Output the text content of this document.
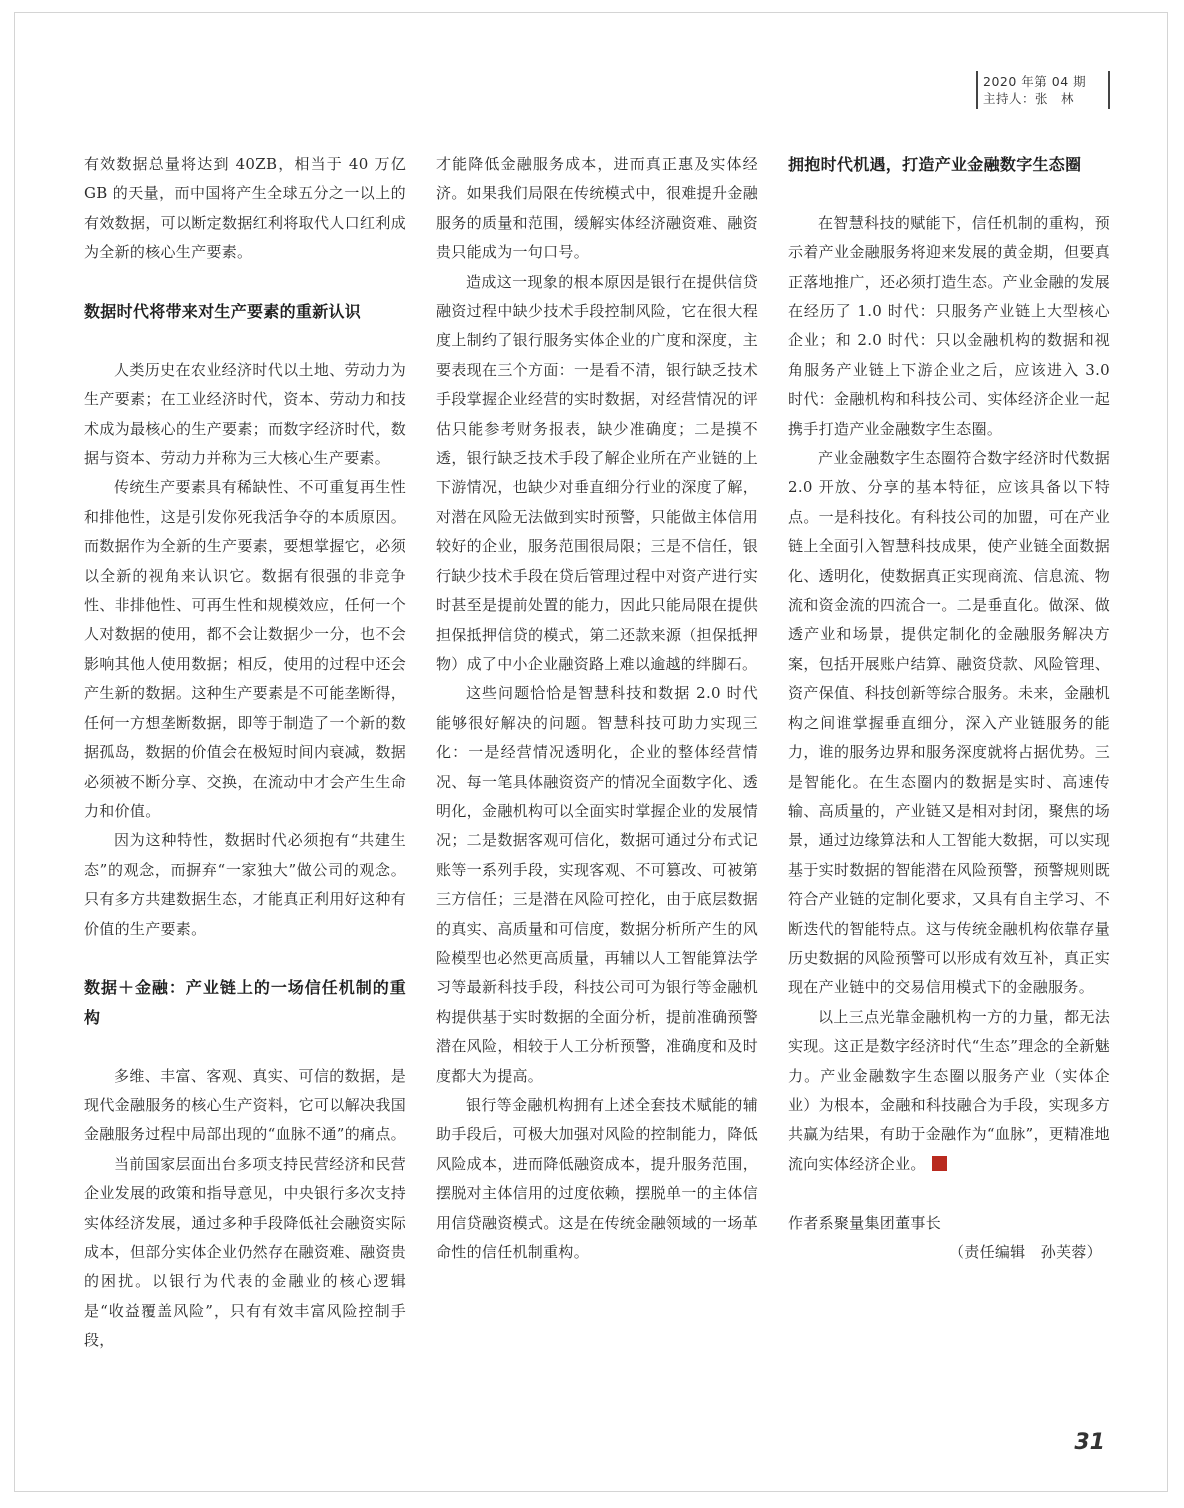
2020 年第 04 期
主持人：张　林

有效数据总量将达到 40ZB，相当于 40 万亿 GB 的天量，而中国将产生全球五分之一以上的有效数据，可以断定数据红利将取代人口红利成为全新的核心生产要素。

数据时代将带来对生产要素的重新认识

人类历史在农业经济时代以土地、劳动力为生产要素；在工业经济时代，资本、劳动力和技术成为最核心的生产要素；而数字经济时代，数据与资本、劳动力并称为三大核心生产要素。

传统生产要素具有稀缺性、不可重复再生性和排他性，这是引发你死我活争夺的本质原因。而数据作为全新的生产要素，要想掌握它，必须以全新的视角来认识它。数据有很强的非竞争性、非排他性、可再生性和规模效应，任何一个人对数据的使用，都不会让数据少一分，也不会影响其他人使用数据；相反，使用的过程中还会产生新的数据。这种生产要素是不可能垄断得，任何一方想垄断数据，即等于制造了一个新的数据孤岛，数据的价值会在极短时间内衰减，数据必须被不断分享、交换，在流动中才会产生生命力和价值。

因为这种特性，数据时代必须抱有“共建生态”的观念，而摒弃“一家独大”做公司的观念。只有多方共建数据生态，才能真正利用好这种有价值的生产要素。

数据＋金融：产业链上的一场信任机制的重构

多维、丰富、客观、真实、可信的数据，是现代金融服务的核心生产资料，它可以解决我国金融服务过程中局部出现的“血脉不通”的痛点。

当前国家层面出台多项支持民营经济和民营企业发展的政策和指导意见，中央银行多次支持实体经济发展，通过多种手段降低社会融资实际成本，但部分实体企业仍然存在融资难、融资贵的困扰。以银行为代表的金融业的核心逻辑是“收益覆盖风险”，只有有效丰富风险控制手段，

才能降低金融服务成本，进而真正惠及实体经济。如果我们局限在传统模式中，很难提升金融服务的质量和范围，缓解实体经济融资难、融资贵只能成为一句口号。

造成这一现象的根本原因是银行在提供信贷融资过程中缺少技术手段控制风险，它在很大程度上制约了银行服务实体企业的广度和深度，主要表现在三个方面：一是看不清，银行缺乏技术手段掌握企业经营的实时数据，对经营情况的评估只能参考财务报表，缺少准确度；二是摸不透，银行缺乏技术手段了解企业所在产业链的上下游情况，也缺少对垂直细分行业的深度了解，对潜在风险无法做到实时预警，只能做主体信用较好的企业，服务范围很局限；三是不信任，银行缺少技术手段在贷后管理过程中对资产进行实时甚至是提前处置的能力，因此只能局限在提供担保抵押信贷的模式，第二还款来源（担保抵押物）成了中小企业融资路上难以逾越的绊脚石。

这些问题恰恰是智慧科技和数据 2.0 时代能够很好解决的问题。智慧科技可助力实现三化：一是经营情况透明化，企业的整体经营情况、每一笔具体融资资产的情况全面数字化、透明化，金融机构可以全面实时掌握企业的发展情况；二是数据客观可信化，数据可通过分布式记账等一系列手段，实现客观、不可篡改、可被第三方信任；三是潜在风险可控化，由于底层数据的真实、高质量和可信度，数据分析所产生的风险模型也必然更高质量，再辅以人工智能算法学习等最新科技手段，科技公司可为银行等金融机构提供基于实时数据的全面分析，提前准确预警潜在风险，相较于人工分析预警，准确度和及时度都大为提高。

银行等金融机构拥有上述全套技术赋能的辅助手段后，可极大加强对风险的控制能力，降低风险成本，进而降低融资成本，提升服务范围，摆脱对主体信用的过度依赖，摆脱单一的主体信用信贷融资模式。这是在传统金融领域的一场革命性的信任机制重构。

拥抱时代机遇，打造产业金融数字生态圈

在智慧科技的赋能下，信任机制的重构，预示着产业金融服务将迎来发展的黄金期，但要真正落地推广，还必须打造生态。产业金融的发展在经历了 1.0 时代：只服务产业链上大型核心企业；和 2.0 时代：只以金融机构的数据和视角服务产业链上下游企业之后，应该进入 3.0 时代：金融机构和科技公司、实体经济企业一起携手打造产业金融数字生态圈。

产业金融数字生态圈符合数字经济时代数据 2.0 开放、分享的基本特征，应该具备以下特点。一是科技化。有科技公司的加盟，可在产业链上全面引入智慧科技成果，使产业链全面数据化、透明化，使数据真正实现商流、信息流、物流和资金流的四流合一。二是垂直化。做深、做透产业和场景，提供定制化的金融服务解决方案，包括开展账户结算、融资贷款、风险管理、资产保值、科技创新等综合服务。未来，金融机构之间谁掌握垂直细分，深入产业链服务的能力，谁的服务边界和服务深度就将占据优势。三是智能化。在生态圈内的数据是实时、高速传输、高质量的，产业链又是相对封闭，聚焦的场景，通过边缘算法和人工智能大数据，可以实现基于实时数据的智能潜在风险预警，预警规则既符合产业链的定制化要求，又具有自主学习、不断迭代的智能特点。这与传统金融机构依靠存量历史数据的风险预警可以形成有效互补，真正实现在产业链中的交易信用模式下的金融服务。

以上三点光靠金融机构一方的力量，都无法实现。这正是数字经济时代“生态”理念的全新魅力。产业金融数字生态圈以服务产业（实体企业）为根本，金融和科技融合为手段，实现多方共赢为结果，有助于金融作为“血脉”，更精准地流向实体经济企业。

作者系聚量集团董事长

（责任编辑　孙芙蓉）

31
